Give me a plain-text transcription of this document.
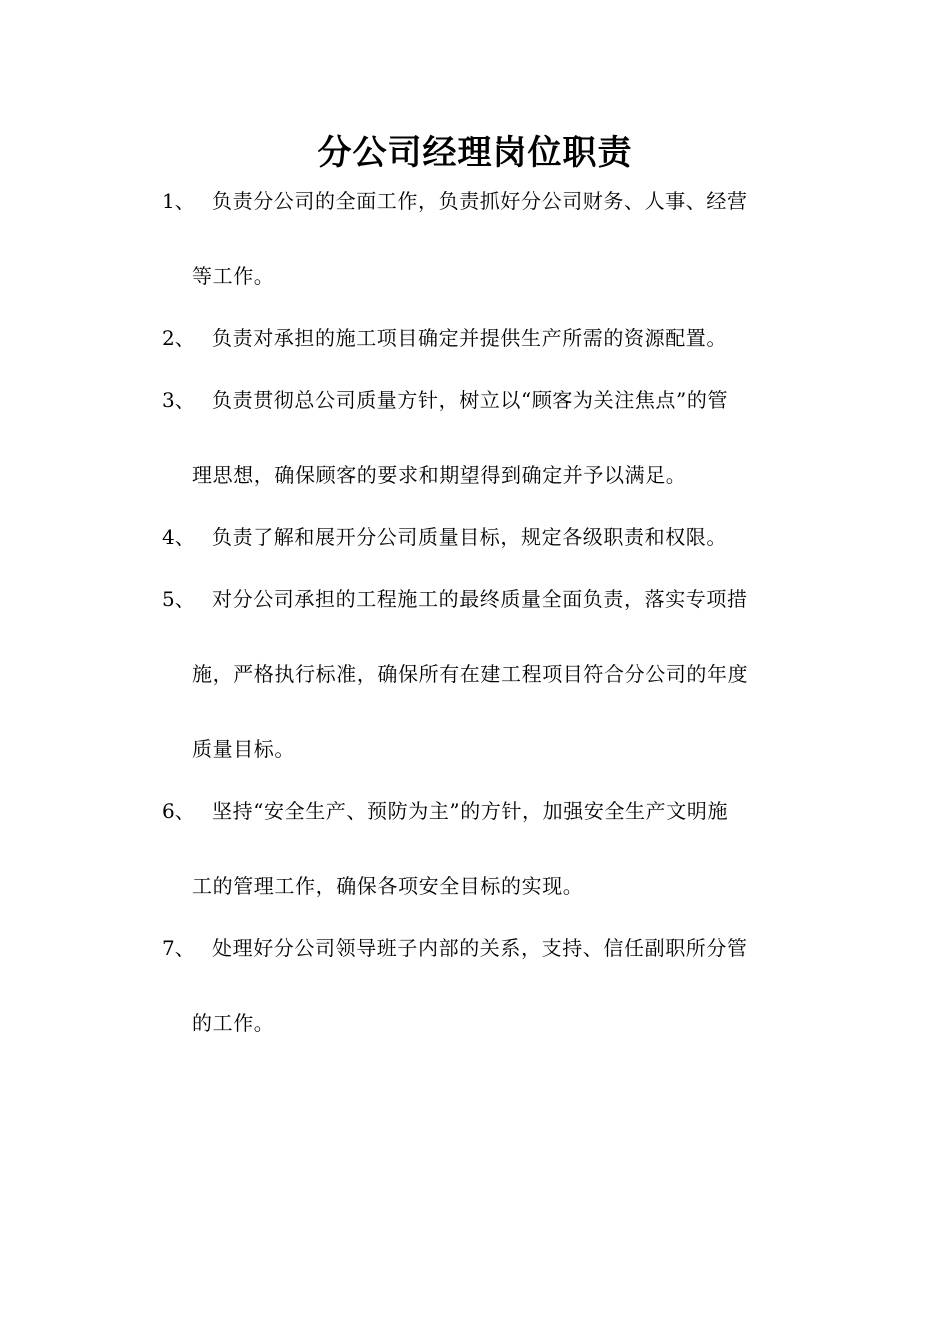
分公司经理岗位职责
1、 负责分公司的全面工作，负责抓好分公司财务、人事、经营
等工作。
2、 负责对承担的施工项目确定并提供生产所需的资源配置。
3、 负责贯彻总公司质量方针，树立以“顾客为关注焦点”的管
理思想，确保顾客的要求和期望得到确定并予以满足。
4、 负责了解和展开分公司质量目标，规定各级职责和权限。
5、 对分公司承担的工程施工的最终质量全面负责，落实专项措
施，严格执行标准，确保所有在建工程项目符合分公司的年度
质量目标。
6、 坚持“安全生产、预防为主”的方针，加强安全生产文明施
工的管理工作，确保各项安全目标的实现。
7、 处理好分公司领导班子内部的关系，支持、信任副职所分管
的工作。
